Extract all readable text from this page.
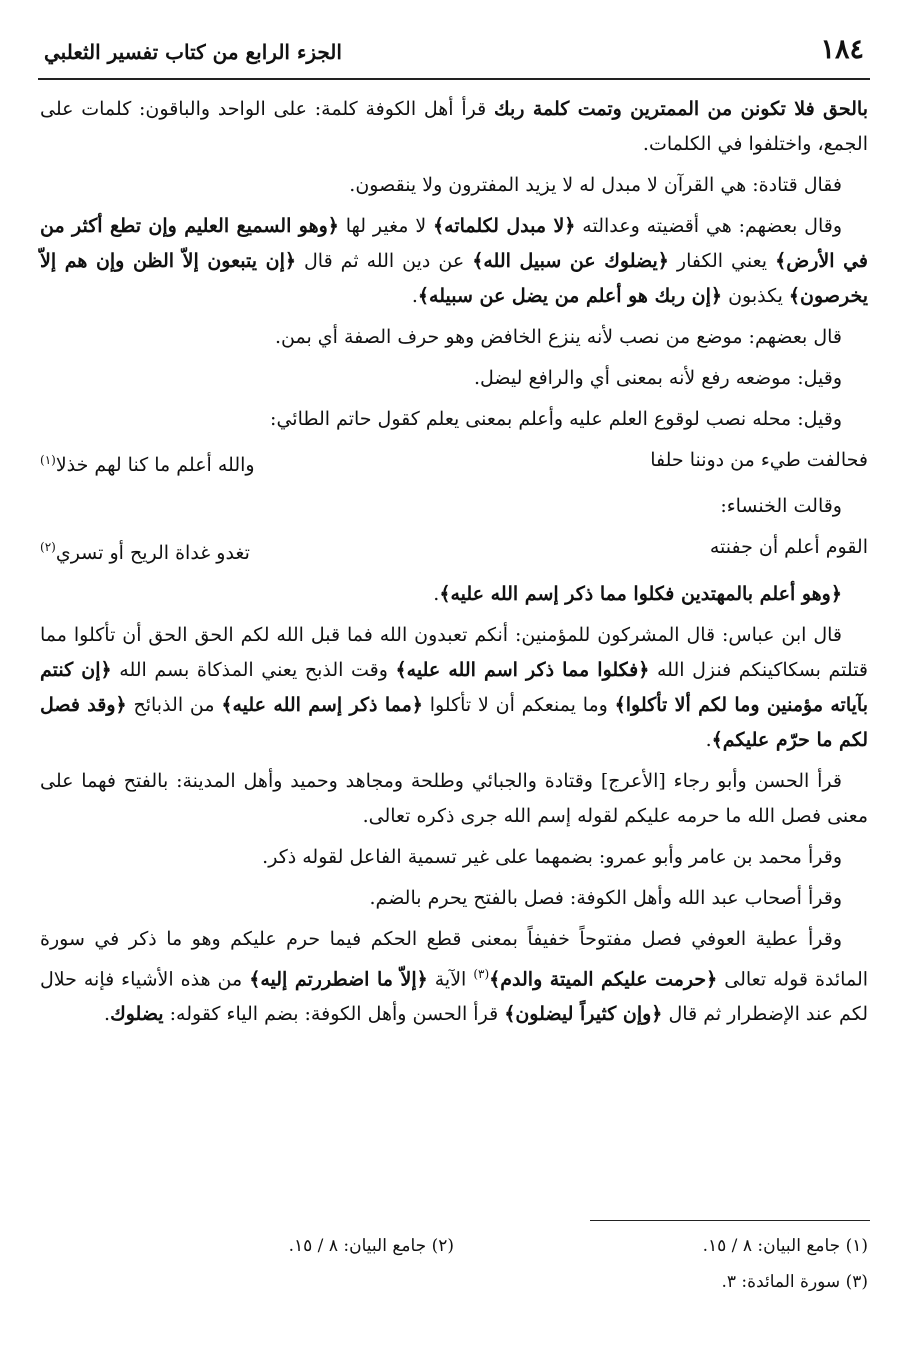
١٨٤
الجزء الرابع من كتاب تفسير الثعلبي

بالحق فلا تكونن من الممترين وتمت كلمة ربك قرأ أهل الكوفة كلمة: على الواحد والباقون: كلمات على الجمع، واختلفوا في الكلمات.

فقال قتادة: هي القرآن لا مبدل له لا يزيد المفترون ولا ينقصون.

وقال بعضهم: هي أقضيته وعدالته ﴿لا مبدل لكلماته﴾ لا مغير لها ﴿وهو السميع العليم وإن تطع أكثر من في الأرض﴾ يعني الكفار ﴿يضلوك عن سبيل الله﴾ عن دين الله ثم قال ﴿إن يتبعون إلاّ الظن وإن هم إلاّ يخرصون﴾ يكذبون ﴿إن ربك هو أعلم من يضل عن سبيله﴾.

قال بعضهم: موضع من نصب لأنه ينزع الخافض وهو حرف الصفة أي بمن.

وقيل: موضعه رفع لأنه بمعنى أي والرافع ليضل.

وقيل: محله نصب لوقوع العلم عليه وأعلم بمعنى يعلم كقول حاتم الطائي:

فحالفت طيء من دوننا حلفا
والله أعلم ما كنا لهم خذلا$^{(١)}$

وقالت الخنساء:

القوم أعلم أن جفنته
تغدو غداة الريح أو تسري$^{(٢)}$

﴿وهو أعلم بالمهتدين فكلوا مما ذكر إسم الله عليه﴾.

قال ابن عباس: قال المشركون للمؤمنين: أنكم تعبدون الله فما قبل الله لكم الحق الحق أن تأكلوا مما قتلتم بسكاكينكم فنزل الله ﴿فكلوا مما ذكر اسم الله عليه﴾ وقت الذبح يعني المذكاة بسم الله ﴿إن كنتم بآياته مؤمنين وما لكم ألا تأكلوا﴾ وما يمنعكم أن لا تأكلوا ﴿مما ذكر إسم الله عليه﴾ من الذبائح ﴿وقد فصل لكم ما حرّم عليكم﴾.

قرأ الحسن وأبو رجاء [الأعرج] وقتادة والجبائي وطلحة ومجاهد وحميد وأهل المدينة: بالفتح فهما على معنى فصل الله ما حرمه عليكم لقوله إسم الله جرى ذكره تعالى.

وقرأ محمد بن عامر وأبو عمرو: بضمهما على غير تسمية الفاعل لقوله ذكر.

وقرأ أصحاب عبد الله وأهل الكوفة: فصل بالفتح يحرم بالضم.

وقرأ عطية العوفي فصل مفتوحاً خفيفاً بمعنى قطع الحكم فيما حرم عليكم وهو ما ذكر في سورة المائدة قوله تعالى ﴿حرمت عليكم الميتة والدم﴾$^{(٣)}$ الآية ﴿إلاّ ما اضطررتم إليه﴾ من هذه الأشياء فإنه حلال لكم عند الإضطرار ثم قال ﴿وإن كثيراً ليضلون﴾ قرأ الحسن وأهل الكوفة: بضم الياء كقوله: يضلوك.

(١) جامع البيان: ٨ / ١٥.
(٢) جامع البيان: ٨ / ١٥.
(٣) سورة المائدة: ٣.
